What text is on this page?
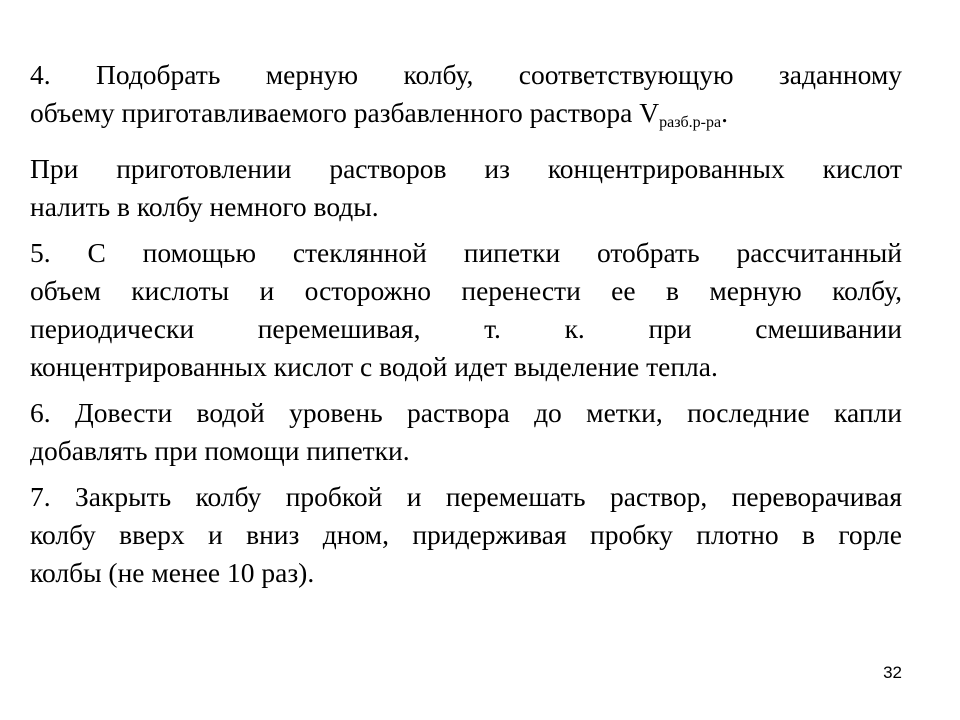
4. Подобрать мерную колбу, соответствующую заданному
объему приготавливаемого разбавленного раствора $V_{разб.р-ра}$.
При приготовлении растворов из концентрированных кислот
налить в колбу немного воды.
5. С помощью стеклянной пипетки отобрать рассчитанный
объем кислоты и осторожно перенести ее в мерную колбу,
периодически перемешивая, т. к. при смешивании
концентрированных кислот с водой идет выделение тепла.
6. Довести водой уровень раствора до метки, последние капли
добавлять при помощи пипетки.
7. Закрыть колбу пробкой и перемешать раствор, переворачивая
колбу вверх и вниз дном, придерживая пробку плотно в горле
колбы (не менее 10 раз).
32
